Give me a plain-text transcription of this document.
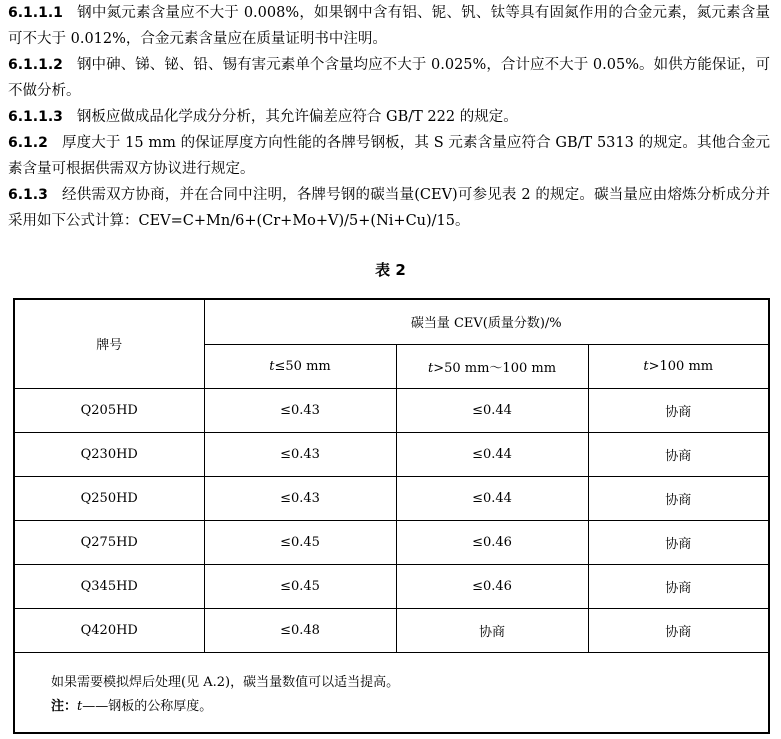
6.1.1.1 钢中氮元素含量应不大于 0.008%，如果钢中含有铝、铌、钒、钛等具有固氮作用的合金元素，氮元素含量可不大于 0.012%，合金元素含量应在质量证明书中注明。
6.1.1.2 钢中砷、锑、铋、铅、锡有害元素单个含量均应不大于 0.025%，合计应不大于 0.05%。如供方能保证，可不做分析。
6.1.1.3 钢板应做成品化学成分分析，其允许偏差应符合 GB/T 222 的规定。
6.1.2 厚度大于 15 mm 的保证厚度方向性能的各牌号钢板，其 S 元素含量应符合 GB/T 5313 的规定。其他合金元素含量可根据供需双方协议进行规定。
6.1.3 经供需双方协商，并在合同中注明，各牌号钢的碳当量(CEV)可参见表 2 的规定。碳当量应由熔炼分析成分并采用如下公式计算：CEV=C+Mn/6+(Cr+Mo+V)/5+(Ni+Cu)/15。
表 2
牌号	碳当量 CEV(质量分数)/%		
	t≤50 mm	t>50 mm～100 mm	t>100 mm
Q205HD	≤0.43	≤0.44	协商
Q230HD	≤0.43	≤0.44	协商
Q250HD	≤0.43	≤0.44	协商
Q275HD	≤0.45	≤0.46	协商
Q345HD	≤0.45	≤0.46	协商
Q420HD	≤0.48	协商	协商

如果需要模拟焊后处理(见 A.2)，碳当量数值可以适当提高。
注：t——钢板的公称厚度。			
